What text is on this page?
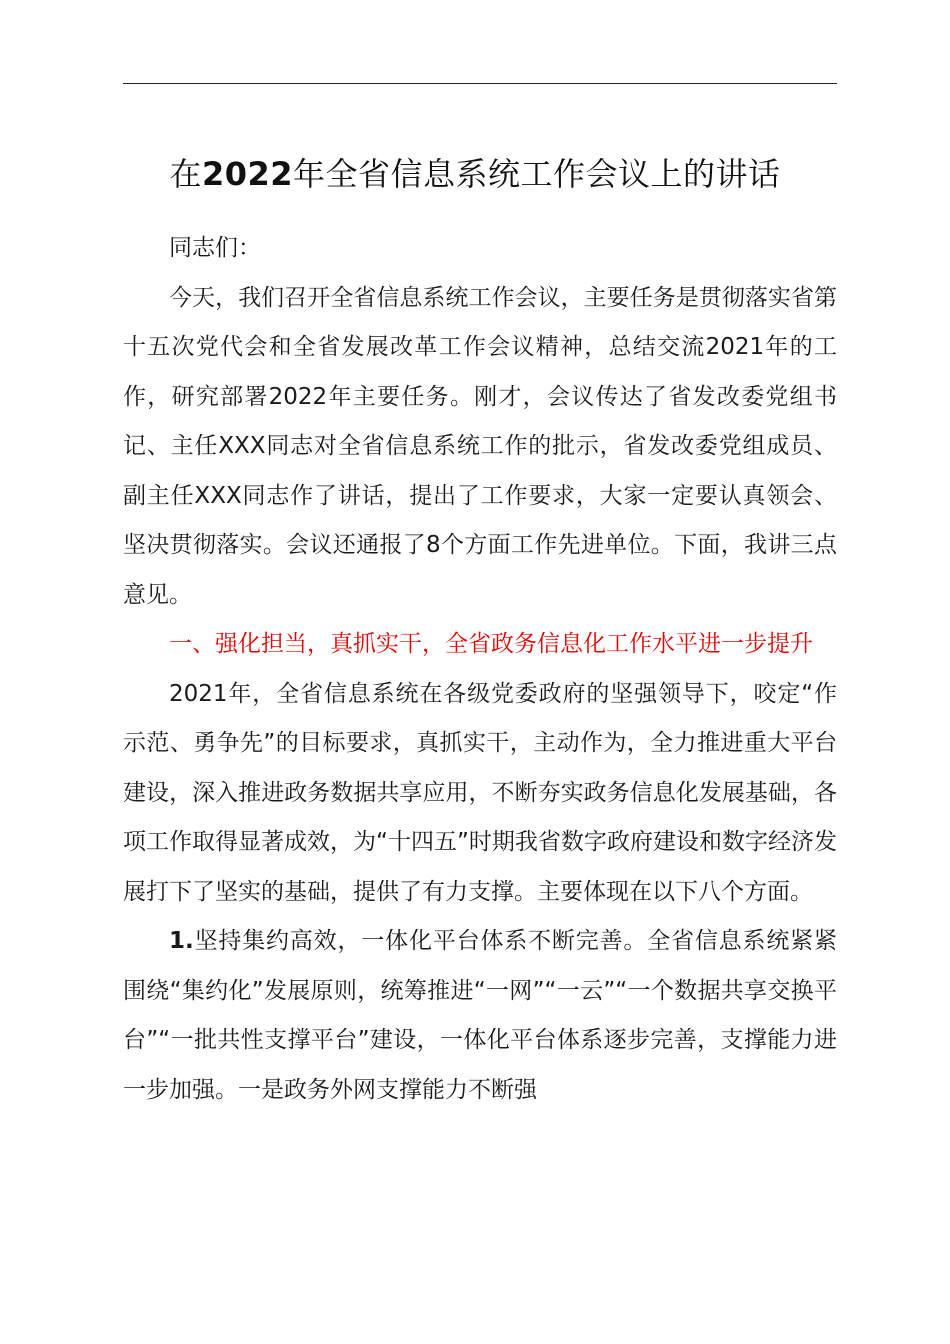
在2022年全省信息系统工作会议上的讲话

同志们：

今天，我们召开全省信息系统工作会议，主要任务是贯彻落实省第十五次党代会和全省发展改革工作会议精神，总结交流2021年的工作，研究部署2022年主要任务。刚才，会议传达了省发改委党组书记、主任XXX同志对全省信息系统工作的批示，省发改委党组成员、副主任XXX同志作了讲话，提出了工作要求，大家一定要认真领会、坚决贯彻落实。会议还通报了8个方面工作先进单位。下面，我讲三点意见。

一、强化担当，真抓实干，全省政务信息化工作水平进一步提升

2021年，全省信息系统在各级党委政府的坚强领导下，咬定“作示范、勇争先”的目标要求，真抓实干，主动作为，全力推进重大平台建设，深入推进政务数据共享应用，不断夯实政务信息化发展基础，各项工作取得显著成效，为“十四五”时期我省数字政府建设和数字经济发展打下了坚实的基础，提供了有力支撑。主要体现在以下八个方面。

1.坚持集约高效，一体化平台体系不断完善。全省信息系统紧紧围绕“集约化”发展原则，统筹推进“一网”“一云”“一个数据共享交换平台”“一批共性支撑平台”建设，一体化平台体系逐步完善，支撑能力进一步加强。一是政务外网支撑能力不断强
